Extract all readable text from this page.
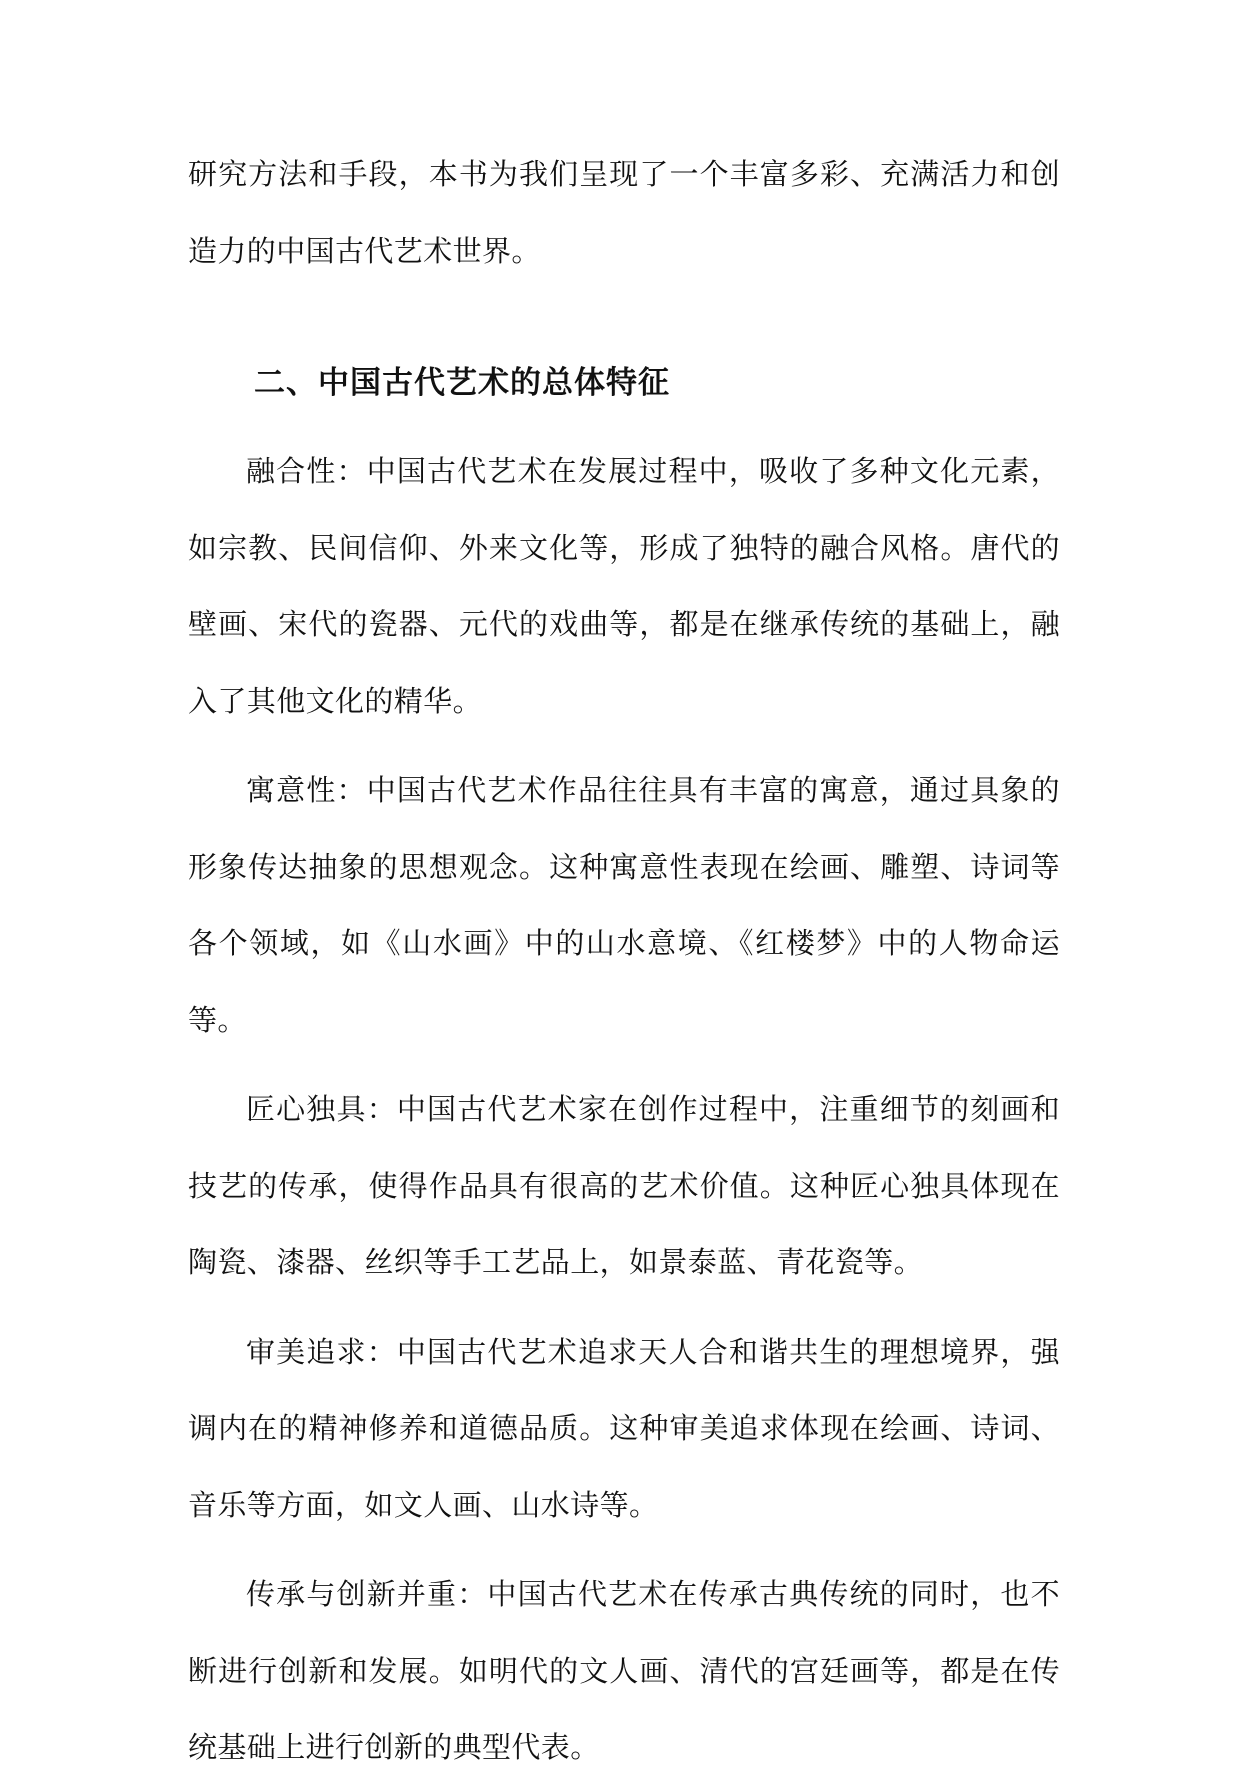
研究方法和手段，本书为我们呈现了一个丰富多彩、充满活力和创造力的中国古代艺术世界。

二、中国古代艺术的总体特征

融合性：中国古代艺术在发展过程中，吸收了多种文化元素，如宗教、民间信仰、外来文化等，形成了独特的融合风格。唐代的壁画、宋代的瓷器、元代的戏曲等，都是在继承传统的基础上，融入了其他文化的精华。

寓意性：中国古代艺术作品往往具有丰富的寓意，通过具象的形象传达抽象的思想观念。这种寓意性表现在绘画、雕塑、诗词等各个领域，如《山水画》中的山水意境、《红楼梦》中的人物命运等。

匠心独具：中国古代艺术家在创作过程中，注重细节的刻画和技艺的传承，使得作品具有很高的艺术价值。这种匠心独具体现在陶瓷、漆器、丝织等手工艺品上，如景泰蓝、青花瓷等。

审美追求：中国古代艺术追求天人合和谐共生的理想境界，强调内在的精神修养和道德品质。这种审美追求体现在绘画、诗词、音乐等方面，如文人画、山水诗等。

传承与创新并重：中国古代艺术在传承古典传统的同时，也不断进行创新和发展。如明代的文人画、清代的宫廷画等，都是在传统基础上进行创新的典型代表。
